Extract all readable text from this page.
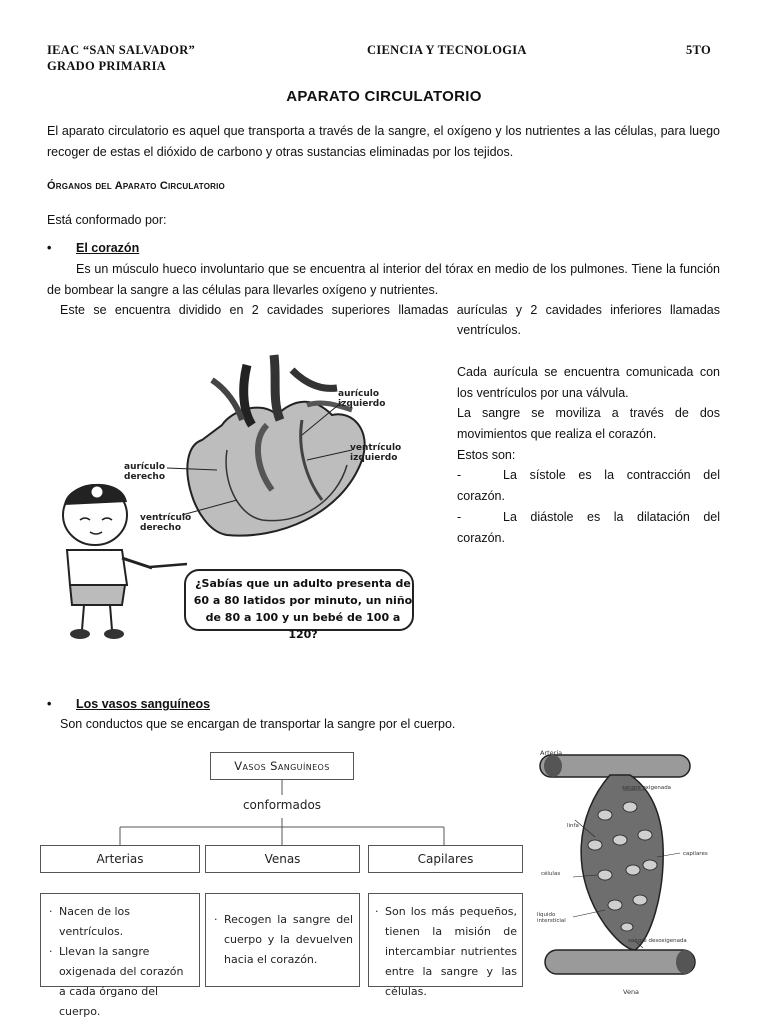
IEAC “SAN SALVADOR”	CIENCIA Y TECNOLOGIA	5TO
GRADO PRIMARIA
APARATO CIRCULATORIO
El aparato circulatorio es aquel que transporta a través de la sangre, el oxígeno y los nutrientes a las células, para luego recoger de estas el dióxido de carbono y otras sustancias eliminadas por los tejidos.
Órganos del Aparato Circulatorio
Está conformado por:
• El corazón
Es un músculo hueco involuntario que se encuentra al interior del tórax en medio de los pulmones. Tiene la función de bombear la sangre a las células para llevarles oxígeno y nutrientes.
Este se encuentra dividido en 2 cavidades superiores llamadas aurículas y 2 cavidades inferiores llamadas
ventrículos.
Cada aurícula se encuentra comunicada con los ventrículos por una válvula.
La sangre se moviliza a través de dos movimientos que realiza el corazón.
Estos son:
-	La sístole es la contracción del corazón.
-	La diástole es la dilatación del corazón.
aurículo izquierdo
ventrículo izquierdo
aurículo derecho
ventrículo derecho
¿Sabías que un adulto presenta de 60 a 80 latidos por minuto, un niño de 80 a 100 y un bebé de 100 a 120?
• Los vasos sanguíneos
Son conductos que se encargan de transportar la sangre por el cuerpo.
Vasos Sanguíneos
conformados
Arterias	Venas	Capilares
· Nacen de los ventrículos.
· Llevan la sangre oxigenada del corazón a cada órgano del cuerpo.
· Recogen la sangre del cuerpo y la devuelven hacia el corazón.
· Son los más pequeños, tienen la misión de intercambiar nutrientes entre la sangre y las células.
Arteria
sangre oxigenada
linfa
capilares
células
líquido intersticial
sangre desoxigenada
Vena
